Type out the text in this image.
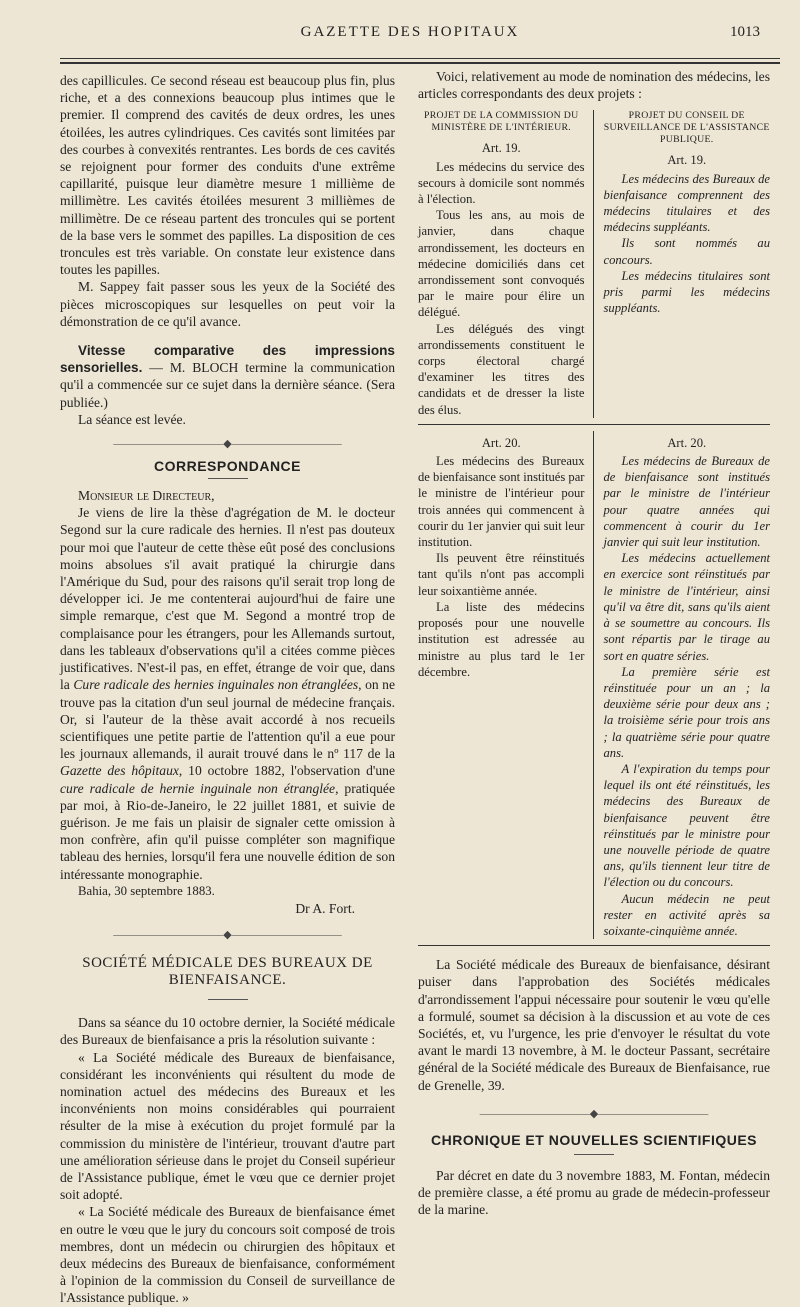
GAZETTE DES HOPITAUX	1013

des capillicules. Ce second réseau est beaucoup plus fin, plus riche, et a des connexions beaucoup plus intimes que le premier. Il comprend des cavités de deux ordres, les unes étoilées, les autres cylindriques. Ces cavités sont limitées par des courbes à convexités rentrantes. Les bords de ces cavités se rejoignent pour former des conduits d'une extrême capillarité, puisque leur diamètre mesure 1 millième de millimètre. Les cavités étoilées mesurent 3 millièmes de millimètre. De ce réseau partent des troncules qui se portent de la base vers le sommet des papilles. La disposition de ces troncules est très variable. On constate leur existence dans toutes les papilles.

M. Sappey fait passer sous les yeux de la Société des pièces microscopiques sur lesquelles on peut voir la démonstration de ce qu'il avance.

Vitesse comparative des impressions sensorielles. — M. BLOCH termine la communication qu'il a commencée sur ce sujet dans la dernière séance. (Sera publiée.)

La séance est levée.

——————————◆——————————
CORRESPONDANCE

Monsieur le Directeur,

Je viens de lire la thèse d'agrégation de M. le docteur Segond sur la cure radicale des hernies. Il n'est pas douteux pour moi que l'auteur de cette thèse eût posé des conclusions moins absolues s'il avait pratiqué la chirurgie dans l'Amérique du Sud, pour des raisons qu'il serait trop long de développer ici. Je me contenterai aujourd'hui de faire une simple remarque, c'est que M. Segond a montré trop de complaisance pour les étrangers, pour les Allemands surtout, dans les tableaux d'observations qu'il a citées comme pièces justificatives. N'est-il pas, en effet, étrange de voir que, dans la Cure radicale des hernies inguinales non étranglées, on ne trouve pas la citation d'un seul journal de médecine français. Or, si l'auteur de la thèse avait accordé à nos recueils scientifiques une petite partie de l'attention qu'il a eue pour les journaux allemands, il aurait trouvé dans le nº 117 de la Gazette des hôpitaux, 10 octobre 1882, l'observation d'une cure radicale de hernie inguinale non étranglée, pratiquée par moi, à Rio-de-Janeiro, le 22 juillet 1881, et suivie de guérison. Je me fais un plaisir de signaler cette omission à mon confrère, afin qu'il puisse compléter son magnifique tableau des hernies, lorsqu'il fera une nouvelle édition de son intéressante monographie.

Bahia, 30 septembre 1883.

Dr A. Fort.

——————————◆——————————
SOCIÉTÉ MÉDICALE DES BUREAUX DE BIENFAISANCE.

Dans sa séance du 10 octobre dernier, la Société médicale des Bureaux de bienfaisance a pris la résolution suivante :

« La Société médicale des Bureaux de bienfaisance, considérant les inconvénients qui résultent du mode de nomination actuel des médecins des Bureaux et les inconvénients non moins considérables qui pourraient résulter de la mise à exécution du projet formulé par la commission du ministère de l'intérieur, trouvant d'autre part une amélioration sérieuse dans le projet du Conseil supérieur de l'Assistance publique, émet le vœu que ce dernier projet soit adopté.

« La Société médicale des Bureaux de bienfaisance émet en outre le vœu que le jury du concours soit composé de trois membres, dont un médecin ou chirurgien des hôpitaux et deux médecins des Bureaux de bienfaisance, conformément à l'opinion de la commission du Conseil de surveillance de l'Assistance publique. »

Voici, relativement au mode de nomination des médecins, les articles correspondants des deux projets :

PROJET DE LA COMMISSION DU MINISTÈRE DE L'INTÉRIEUR.
Art. 19.

Les médecins du service des secours à domicile sont nommés à l'élection.

Tous les ans, au mois de janvier, dans chaque arrondissement, les docteurs en médecine domiciliés dans cet arrondissement sont convoqués par le maire pour élire un délégué.

Les délégués des vingt arrondissements constituent le corps électoral chargé d'examiner les titres des candidats et de dresser la liste des élus.

PROJET DU CONSEIL DE SURVEILLANCE DE L'ASSISTANCE PUBLIQUE.
Art. 19.

Les médecins des Bureaux de bienfaisance comprennent des médecins titulaires et des médecins suppléants.

Ils sont nommés au concours.

Les médecins titulaires sont pris parmi les médecins suppléants.

Art. 20.

Les médecins des Bureaux de bienfaisance sont institués par le ministre de l'intérieur pour trois années qui commencent à courir du 1er janvier qui suit leur institution.

Ils peuvent être réinstitués tant qu'ils n'ont pas accompli leur soixantième année.

La liste des médecins proposés pour une nouvelle institution est adressée au ministre au plus tard le 1er décembre.

Art. 20.

Les médecins de Bureaux de de bienfaisance sont institués par le ministre de l'intérieur pour quatre années qui commencent à courir du 1er janvier qui suit leur institution.

Les médecins actuellement en exercice sont réinstitués par le ministre de l'intérieur, ainsi qu'il va être dit, sans qu'ils aient à se soumettre au concours. Ils sont répartis par le tirage au sort en quatre séries.

La première série est réinstituée pour un an ; la deuxième série pour deux ans ; la troisième série pour trois ans ; la quatrième série pour quatre ans.

A l'expiration du temps pour lequel ils ont été réinstitués, les médecins des Bureaux de bienfaisance peuvent être réinstitués par le ministre pour une nouvelle période de quatre ans, qu'ils tiennent leur titre de l'élection ou du concours.

Aucun médecin ne peut rester en activité après sa soixante-cinquième année.

La Société médicale des Bureaux de bienfaisance, désirant puiser dans l'approbation des Sociétés médicales d'arrondissement l'appui nécessaire pour soutenir le vœu qu'elle a formulé, soumet sa décision à la discussion et au vote de ces Sociétés, et, vu l'urgence, les prie d'envoyer le résultat du vote avant le mardi 13 novembre, à M. le docteur Passant, secrétaire général de la Société médicale des Bureaux de Bienfaisance, rue de Grenelle, 39.

——————————◆——————————
CHRONIQUE ET NOUVELLES SCIENTIFIQUES

Par décret en date du 3 novembre 1883, M. Fontan, médecin de première classe, a été promu au grade de médecin-professeur de la marine.
